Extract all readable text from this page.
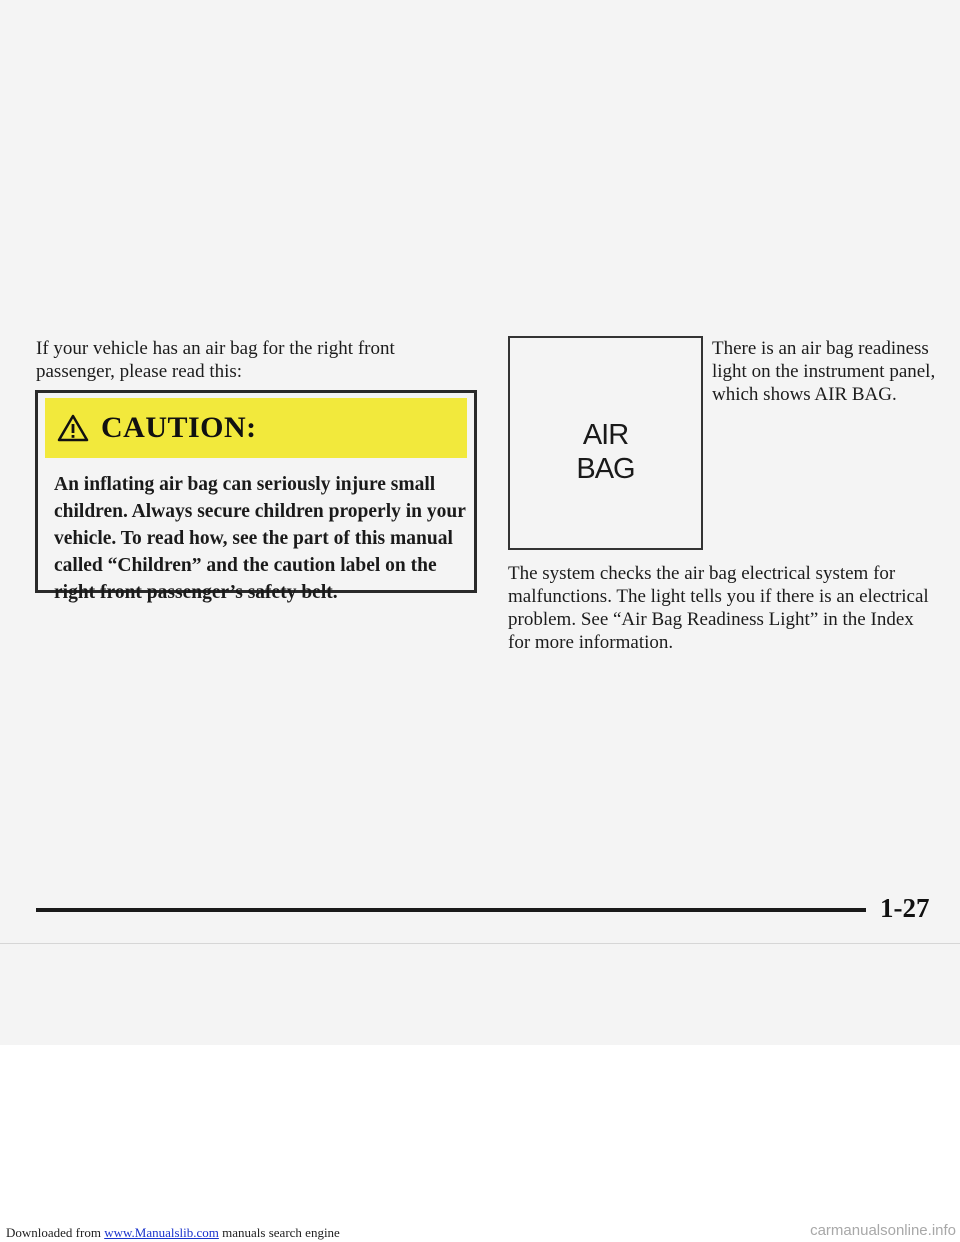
If your vehicle has an air bag for the right front passenger, please read this:

CAUTION:

An inflating air bag can seriously injure small children. Always secure children properly in your vehicle. To read how, see the part of this manual called “Children” and the caution label on the right front passenger’s safety belt.

AIR
BAG

There is an air bag readiness light on the instrument panel, which shows AIR BAG.

The system checks the air bag electrical system for malfunctions. The light tells you if there is an electrical problem. See “Air Bag Readiness Light” in the Index for more information.

1-27
Downloaded from www.Manualslib.com manuals search engine	carmanualsonline.info
